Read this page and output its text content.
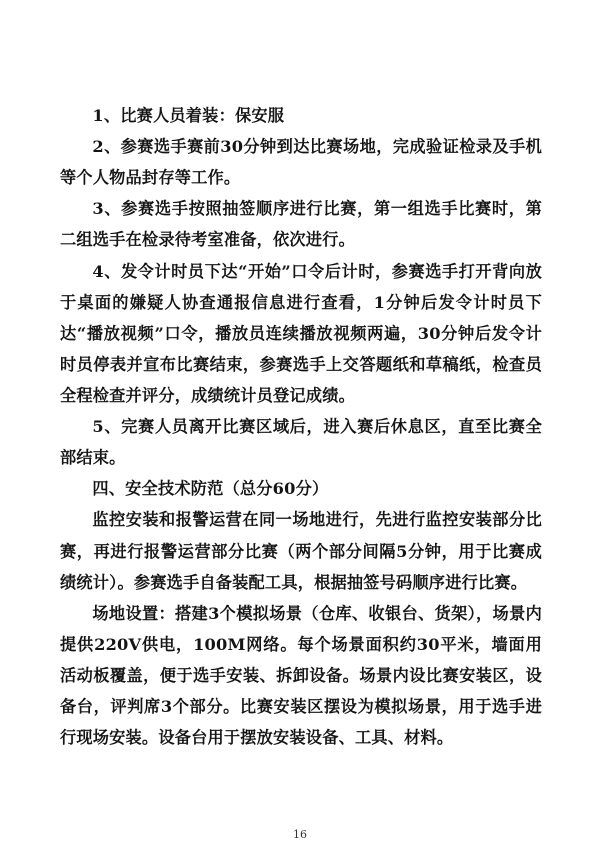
1、比赛人员着装：保安服

2、参赛选手赛前30分钟到达比赛场地，完成验证检录及手机等个人物品封存等工作。

3、参赛选手按照抽签顺序进行比赛，第一组选手比赛时，第二组选手在检录待考室准备，依次进行。

4、发令计时员下达“开始”口令后计时，参赛选手打开背向放于桌面的嫌疑人协查通报信息进行查看，1分钟后发令计时员下达“播放视频”口令，播放员连续播放视频两遍，30分钟后发令计时员停表并宣布比赛结束，参赛选手上交答题纸和草稿纸，检查员全程检查并评分，成绩统计员登记成绩。

5、完赛人员离开比赛区域后，进入赛后休息区，直至比赛全部结束。

四、安全技术防范（总分60分）

监控安装和报警运营在同一场地进行，先进行监控安装部分比赛，再进行报警运营部分比赛（两个部分间隔5分钟，用于比赛成绩统计）。参赛选手自备装配工具，根据抽签号码顺序进行比赛。

场地设置：搭建3个模拟场景（仓库、收银台、货架），场景内提供220V供电，100M网络。每个场景面积约30平米，墙面用活动板覆盖，便于选手安装、拆卸设备。场景内设比赛安装区，设备台，评判席3个部分。比赛安装区摆设为模拟场景，用于选手进行现场安装。设备台用于摆放安装设备、工具、材料。

16
